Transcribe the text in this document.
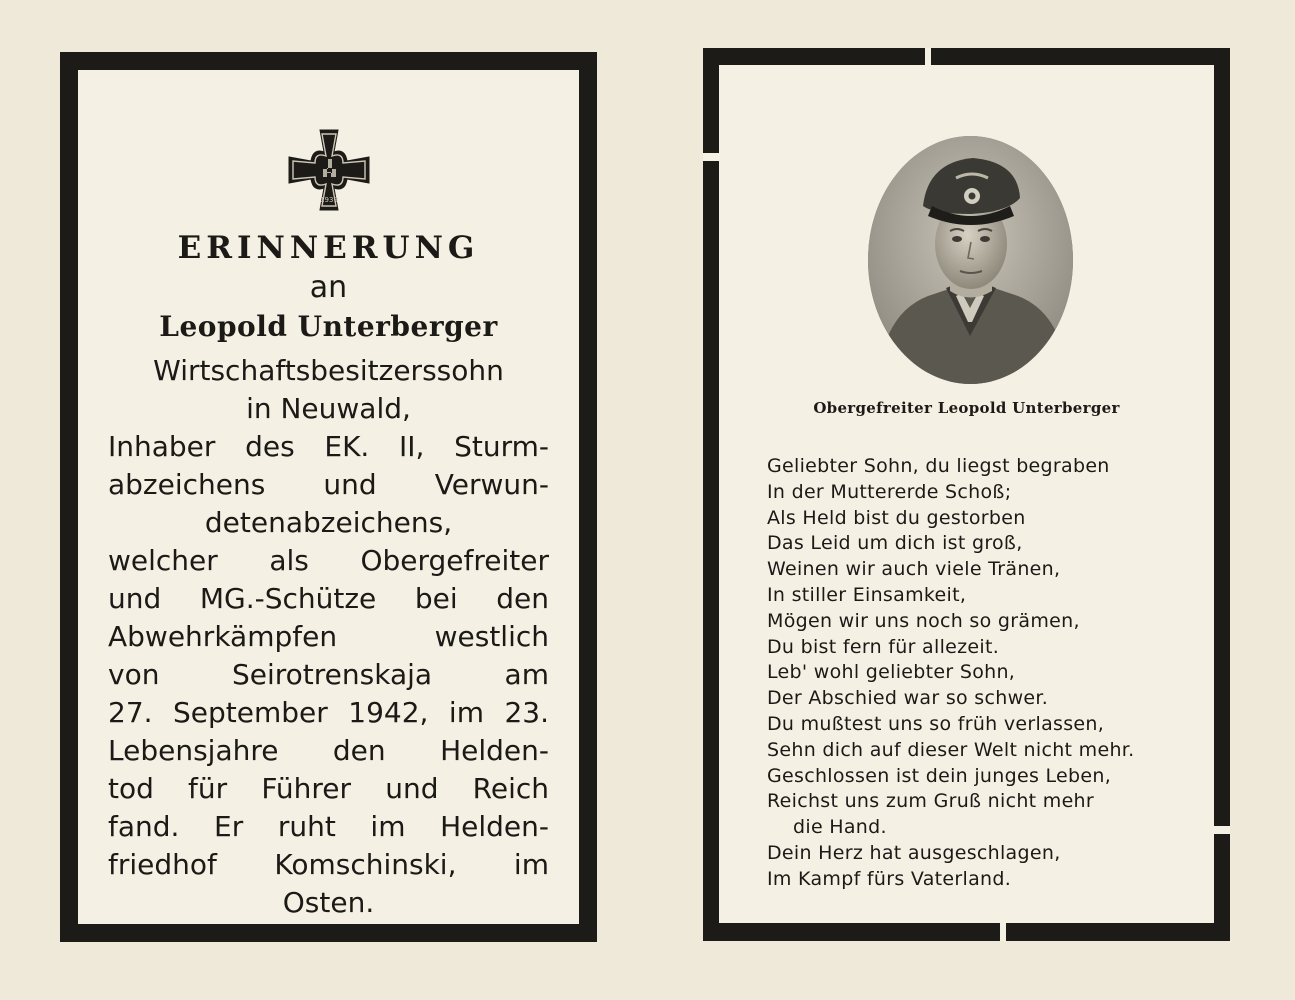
1939
ERINNERUNG
an
Leopold Unterberger
Wirtschaftsbesitzerssohn
in Neuwald,
Inhaber des EK. II, Sturm-
abzeichens und Verwun-
detenabzeichens,
welcher als Obergefreiter
und MG.-Schütze bei den
Abwehrkämpfen westlich
von Seirotrenskaja am
27. September 1942, im 23.
Lebensjahre den Helden-
tod für Führer und Reich
fand. Er ruht im Helden-
friedhof Komschinski, im
Osten.
Obergefreiter Leopold Unterberger
Geliebter Sohn, du liegst begraben
In der Muttererde Schoß;
Als Held bist du gestorben
Das Leid um dich ist groß,
Weinen wir auch viele Tränen,
In stiller Einsamkeit,
Mögen wir uns noch so grämen,
Du bist fern für allezeit.
Leb' wohl geliebter Sohn,
Der Abschied war so schwer.
Du mußtest uns so früh verlassen,
Sehn dich auf dieser Welt nicht mehr.
Geschlossen ist dein junges Leben,
Reichst uns zum Gruß nicht mehr
die Hand.
Dein Herz hat ausgeschlagen,
Im Kampf fürs Vaterland.
